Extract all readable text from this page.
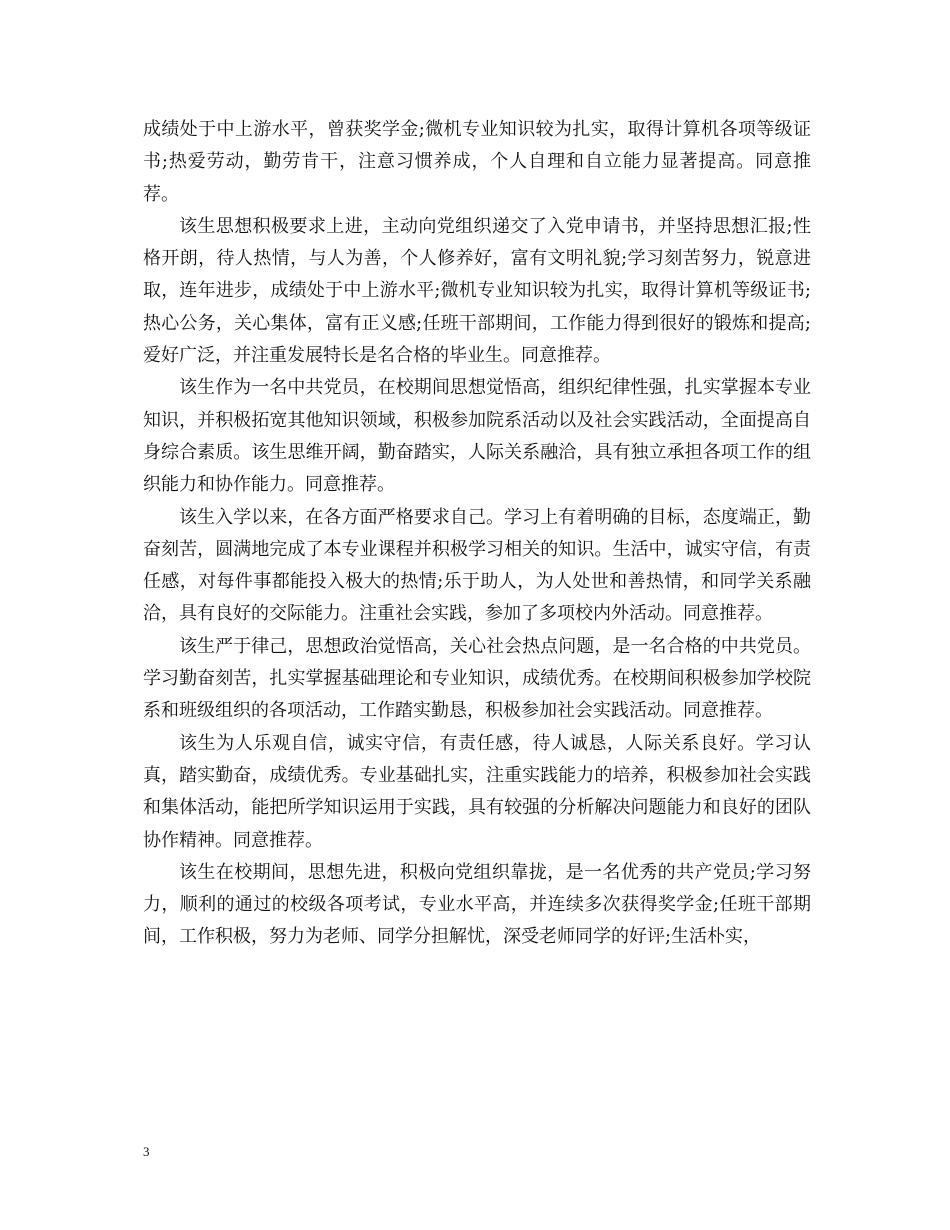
成绩处于中上游水平，曾获奖学金;微机专业知识较为扎实，取得计算机各项等级证书;热爱劳动，勤劳肯干，注意习惯养成，个人自理和自立能力显著提高。同意推荐。

该生思想积极要求上进，主动向党组织递交了入党申请书，并坚持思想汇报;性格开朗，待人热情，与人为善，个人修养好，富有文明礼貌;学习刻苦努力，锐意进取，连年进步，成绩处于中上游水平;微机专业知识较为扎实，取得计算机等级证书;热心公务，关心集体，富有正义感;任班干部期间，工作能力得到很好的锻炼和提高;爱好广泛，并注重发展特长是名合格的毕业生。同意推荐。

该生作为一名中共党员，在校期间思想觉悟高，组织纪律性强，扎实掌握本专业知识，并积极拓宽其他知识领域，积极参加院系活动以及社会实践活动，全面提高自身综合素质。该生思维开阔，勤奋踏实，人际关系融洽，具有独立承担各项工作的组织能力和协作能力。同意推荐。

该生入学以来，在各方面严格要求自己。学习上有着明确的目标，态度端正，勤奋刻苦，圆满地完成了本专业课程并积极学习相关的知识。生活中，诚实守信，有责任感，对每件事都能投入极大的热情;乐于助人，为人处世和善热情，和同学关系融洽，具有良好的交际能力。注重社会实践，参加了多项校内外活动。同意推荐。

该生严于律己，思想政治觉悟高，关心社会热点问题，是一名合格的中共党员。学习勤奋刻苦，扎实掌握基础理论和专业知识，成绩优秀。在校期间积极参加学校院系和班级组织的各项活动，工作踏实勤恳，积极参加社会实践活动。同意推荐。

该生为人乐观自信，诚实守信，有责任感，待人诚恳，人际关系良好。学习认真，踏实勤奋，成绩优秀。专业基础扎实，注重实践能力的培养，积极参加社会实践和集体活动，能把所学知识运用于实践，具有较强的分析解决问题能力和良好的团队协作精神。同意推荐。

该生在校期间，思想先进，积极向党组织靠拢，是一名优秀的共产党员;学习努力，顺利的通过的校级各项考试，专业水平高，并连续多次获得奖学金;任班干部期间，工作积极，努力为老师、同学分担解忧，深受老师同学的好评;生活朴实，

3
